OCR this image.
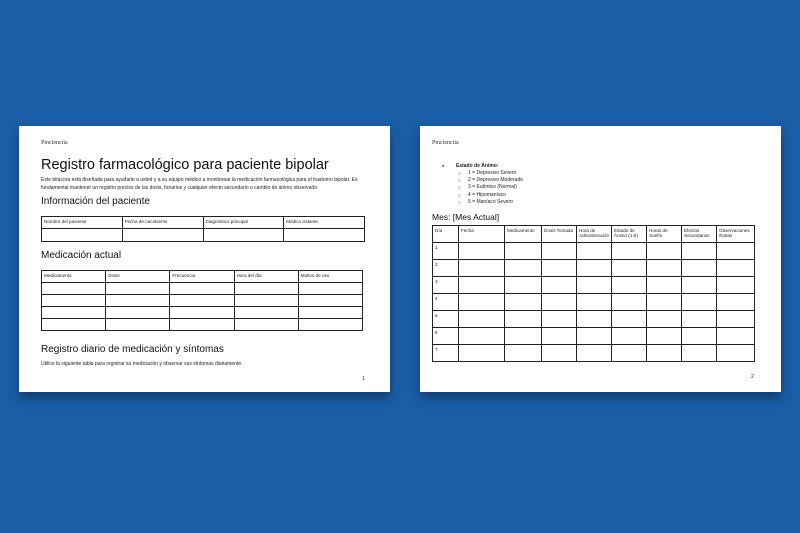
Pmcienctia
Registro farmacológico para paciente bipolar
Este bitácora está diseñada para ayudarle a usted y a su equipo médico a monitorear la medicación farmacológica para el trastorno bipolar. Es fundamental mantener un registro preciso de las dosis, horarios y cualquier efecto secundario o cambio de ánimo observado.
Información del paciente
Nombre del paciente	Fecha de nacimiento	Diagnóstico principal	Médico tratante

Medicación actual
Medicamento	Dosis	Frecuencia	Hora del día	Motivo de uso

Registro diario de medicación y síntomas
Utilice la siguiente tabla para registrar su medicación y observar sus síntomas diariamente.
1
Pmcienctia
● Estado de Ánimo:
○ 1 = Depresivo Severo
○ 2 = Depresivo Moderado
○ 3 = Eutímico (Normal)
○ 4 = Hipomaníaco
○ 5 = Maníaco Severo
Mes: [Mes Actual]
Día	Fecha	Medicamento	Dosis Tomada	Hora de Administración	Estado de Ánimo (1-5)	Horas de Sueño	Efectos Secundarios	Observaciones /Notas
1								
2								
3								
4								
5								
6								
7								
2
